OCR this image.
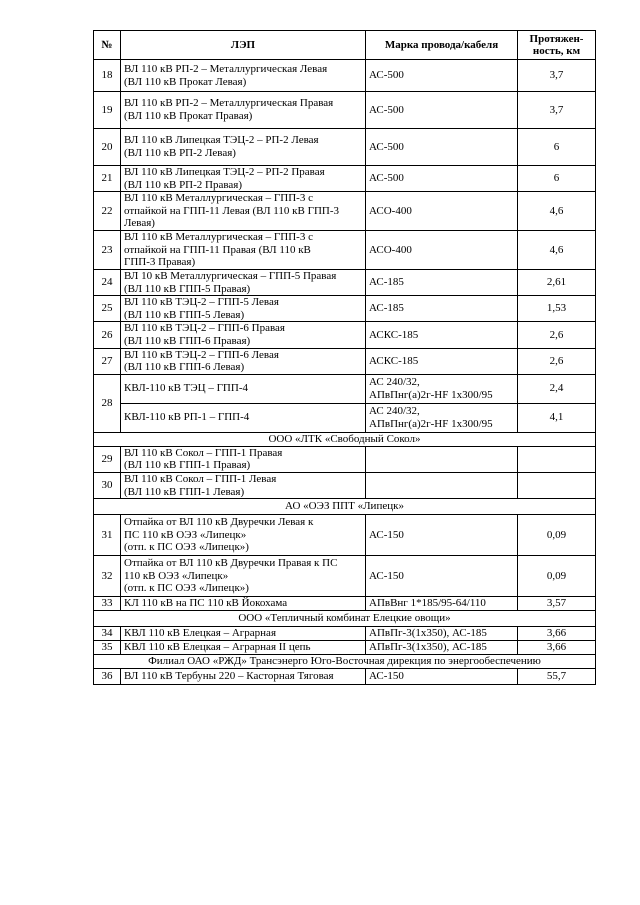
№	ЛЭП	Марка провода/кабеля	Протяжен-
ность, км
18	ВЛ 110 кВ РП-2 – Металлургическая Левая
(ВЛ 110 кВ Прокат Левая)	АС-500	3,7
19	ВЛ 110 кВ РП-2 – Металлургическая Правая
(ВЛ 110 кВ Прокат Правая)	АС-500	3,7
20	ВЛ 110 кВ Липецкая ТЭЦ-2 – РП-2 Левая
(ВЛ 110 кВ РП-2 Левая)	АС-500	6
21	ВЛ 110 кВ Липецкая ТЭЦ-2 – РП-2 Правая
(ВЛ 110 кВ РП-2 Правая)	АС-500	6
22	ВЛ 110 кВ Металлургическая – ГПП-3 с
отпайкой на ГПП-11 Левая (ВЛ 110 кВ ГПП-3
Левая)	АСО-400	4,6
23	ВЛ 110 кВ Металлургическая – ГПП-3 с
отпайкой на ГПП-11 Правая (ВЛ 110 кВ
ГПП-3 Правая)	АСО-400	4,6
24	ВЛ 10 кВ Металлургическая – ГПП-5 Правая
(ВЛ 110 кВ ГПП-5 Правая)	АС-185	2,61
25	ВЛ 110 кВ ТЭЦ-2 – ГПП-5 Левая
(ВЛ 110 кВ ГПП-5 Левая)	АС-185	1,53
26	ВЛ 110 кВ ТЭЦ-2 – ГПП-6 Правая
(ВЛ 110 кВ ГПП-6 Правая)	АСКС-185	2,6
27	ВЛ 110 кВ ТЭЦ-2 – ГПП-6 Левая
(ВЛ 110 кВ ГПП-6 Левая)	АСКС-185	2,6
28	КВЛ-110 кВ ТЭЦ – ГПП-4	АС 240/32,
АПвПнг(а)2г-HF 1х300/95	2,4
	КВЛ-110 кВ РП-1 – ГПП-4	АС 240/32,
АПвПнг(а)2г-HF 1х300/95	4,1
ООО «ЛТК «Свободный Сокол»			
29	ВЛ 110 кВ Сокол – ГПП-1 Правая
(ВЛ 110 кВ ГПП-1 Правая)		
30	ВЛ 110 кВ Сокол – ГПП-1 Левая
(ВЛ 110 кВ ГПП-1 Левая)		
АО «ОЭЗ ППТ «Липецк»			
31	Отпайка от ВЛ 110 кВ Двуречки Левая к
ПС 110 кВ ОЭЗ «Липецк»
(отп. к ПС ОЭЗ «Липецк»)	АС-150	0,09
32	Отпайка от ВЛ 110 кВ Двуречки Правая к ПС
110 кВ ОЭЗ «Липецк»
(отп. к ПС ОЭЗ «Липецк»)	АС-150	0,09
33	КЛ 110 кВ на ПС 110 кВ Йокохама	АПвВнг 1*185/95-64/110	3,57
ООО «Тепличный комбинат Елецкие овощи»			
34	КВЛ 110 кВ Елецкая – Аграрная	АПвПг-3(1х350), АС-185	3,66
35	КВЛ 110 кВ Елецкая – Аграрная II цепь	АПвПг-3(1х350), АС-185	3,66
Филиал ОАО «РЖД» Трансэнерго Юго-Восточная дирекция по энергообеспечению			
36	ВЛ 110 кВ Тербуны 220 – Касторная Тяговая	АС-150	55,7
